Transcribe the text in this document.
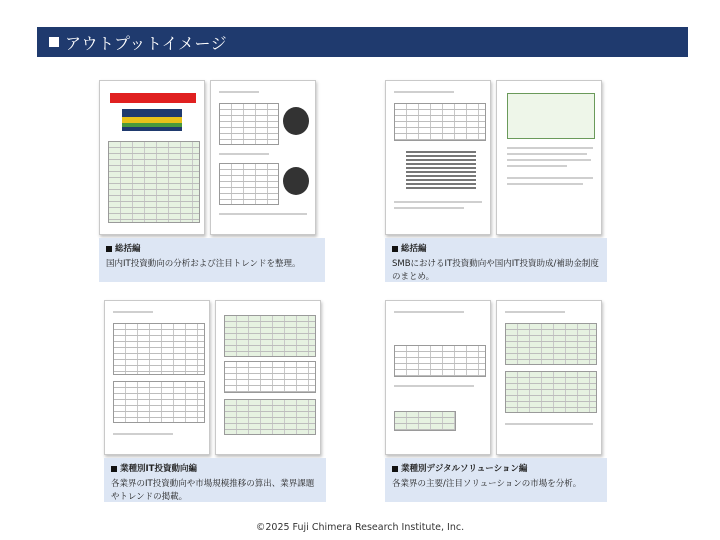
アウトプットイメージ
総括編
国内IT投資動向の分析および注目トレンドを整理。
総括編
SMBにおけるIT投資動向や国内IT投資助成/補助金制度のまとめ。
業種別IT投資動向編
各業界のIT投資動向や市場規模推移の算出、業界課題やトレンドの掲載。
業種別デジタルソリューション編
各業界の主要/注目ソリューションの市場を分析。
©2025 Fuji Chimera Research Institute, Inc.
